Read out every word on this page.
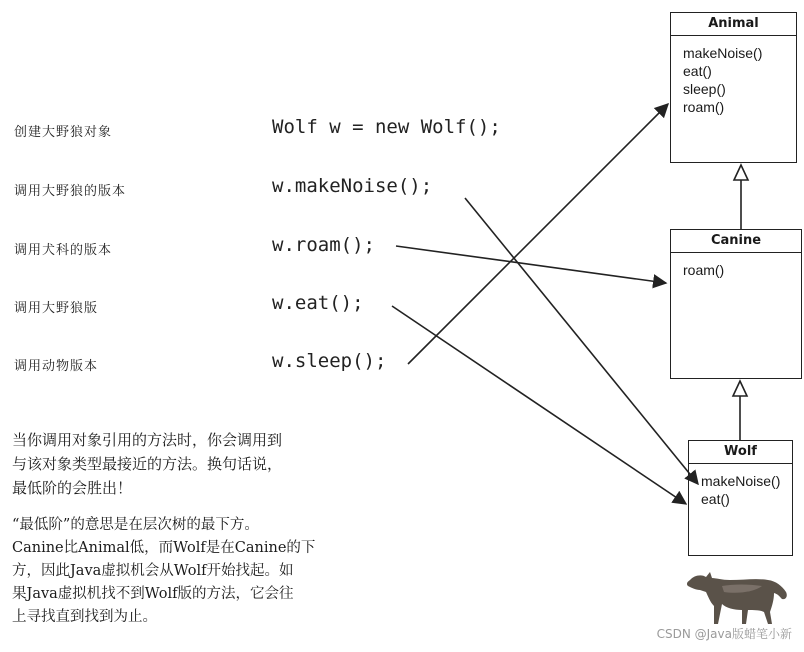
创建大野狼对象	Wolf w = new Wolf();
调用大野狼的版本	w.makeNoise();
调用犬科的版本	w.roam();
调用大野狼版	w.eat();
调用动物版本	w.sleep();
Animal
makeNoise()
eat()
sleep()
roam()
Canine
roam()
Wolf
makeNoise()
eat()
当你调用对象引用的方法时，你会调用到
与该对象类型最接近的方法。换句话说，
最低阶的会胜出！
“最低阶”的意思是在层次树的最下方。
Canine比Animal低，而Wolf是在Canine的下
方，因此Java虚拟机会从Wolf开始找起。如
果Java虚拟机找不到Wolf版的方法，它会往
上寻找直到找到为止。
CSDN @Java版蜡笔小新
